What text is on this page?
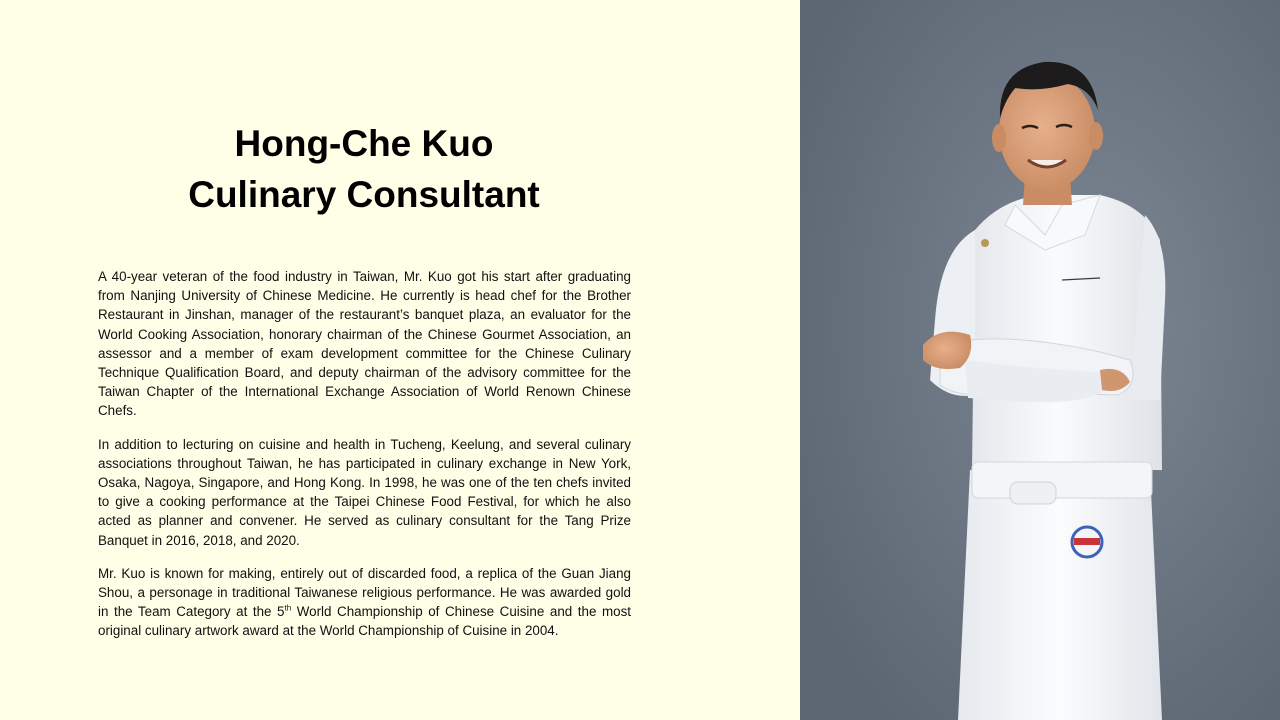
Hong-Che Kuo
Culinary Consultant

A 40-year veteran of the food industry in Taiwan, Mr. Kuo got his start after graduating from Nanjing University of Chinese Medicine. He currently is head chef for the Brother Restaurant in Jinshan, manager of the restaurant’s banquet plaza, an evaluator for the World Cooking Association, honorary chairman of the Chinese Gourmet Association, an assessor and a member of exam development committee for the Chinese Culinary Technique Qualification Board, and deputy chairman of the advisory committee for the Taiwan Chapter of the International Exchange Association of World Renown Chinese Chefs.

In addition to lecturing on cuisine and health in Tucheng, Keelung, and several culinary associations throughout Taiwan, he has participated in culinary exchange in New York, Osaka, Nagoya, Singapore, and Hong Kong. In 1998, he was one of the ten chefs invited to give a cooking performance at the Taipei Chinese Food Festival, for which he also acted as planner and convener. He served as culinary consultant for the Tang Prize Banquet in 2016, 2018, and 2020.

Mr. Kuo is known for making, entirely out of discarded food, a replica of the Guan Jiang Shou, a personage in traditional Taiwanese religious performance. He was awarded gold in the Team Category at the 5th World Championship of Chinese Cuisine and the most original culinary artwork award at the World Championship of Cuisine in 2004.
